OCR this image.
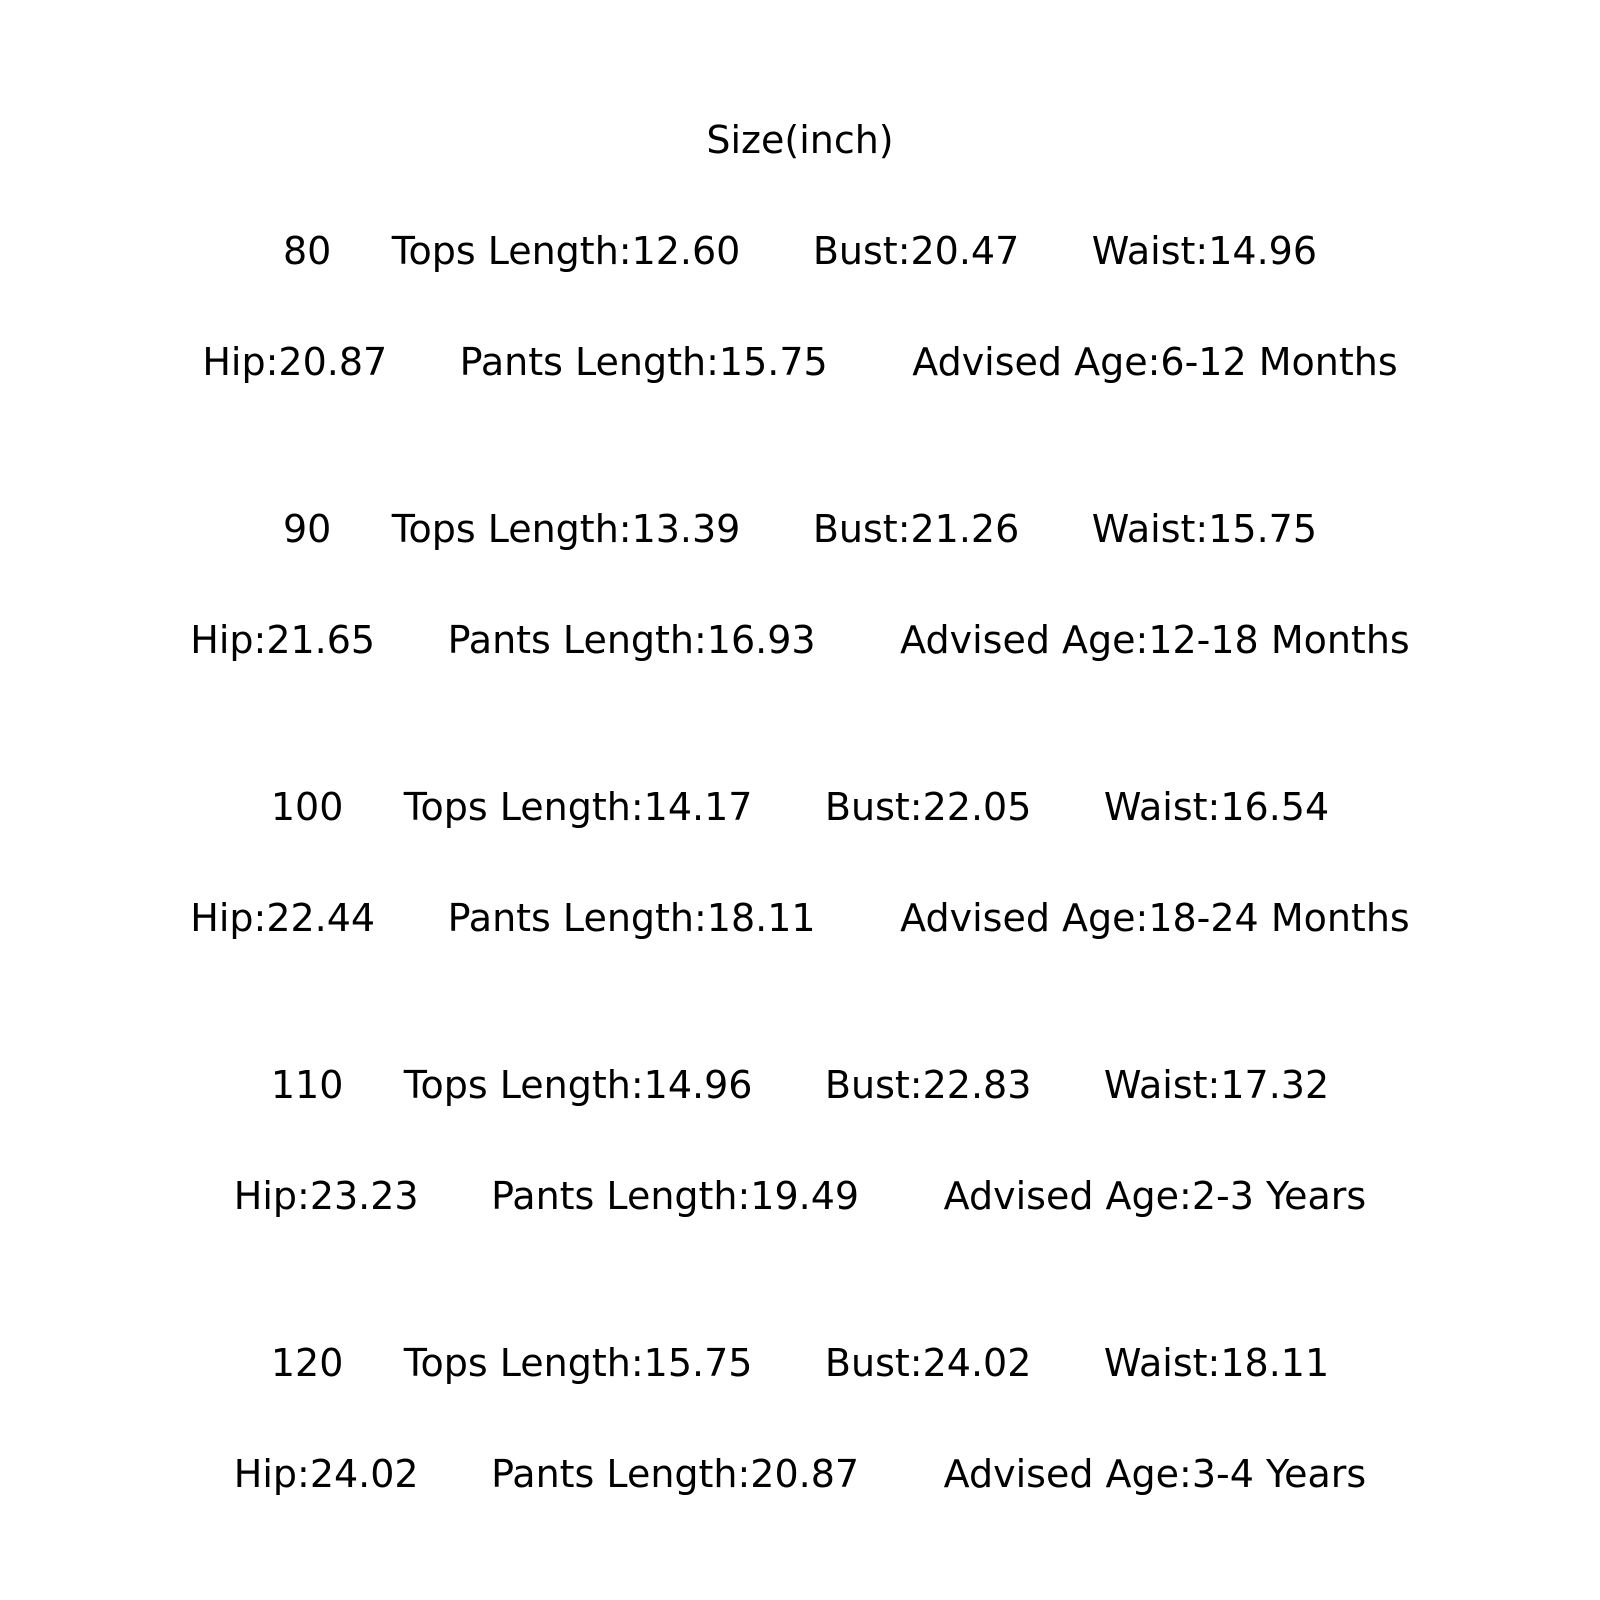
Size(inch)
80     Tops Length:12.60      Bust:20.47      Waist:14.96
Hip:20.87      Pants Length:15.75       Advised Age:6-12 Months
90     Tops Length:13.39      Bust:21.26      Waist:15.75
Hip:21.65      Pants Length:16.93       Advised Age:12-18 Months
100     Tops Length:14.17      Bust:22.05      Waist:16.54
Hip:22.44      Pants Length:18.11       Advised Age:18-24 Months
110     Tops Length:14.96      Bust:22.83      Waist:17.32
Hip:23.23      Pants Length:19.49       Advised Age:2-3 Years
120     Tops Length:15.75      Bust:24.02      Waist:18.11
Hip:24.02      Pants Length:20.87       Advised Age:3-4 Years
